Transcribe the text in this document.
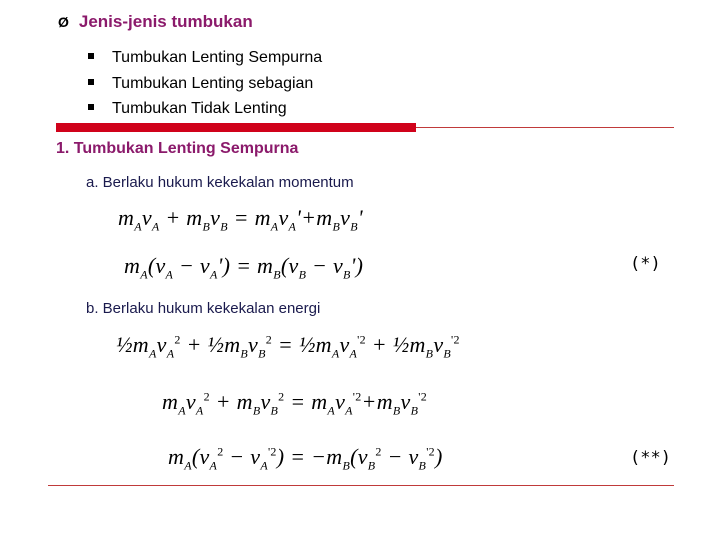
Ø Jenis-jenis tumbukan
Tumbukan Lenting Sempurna
Tumbukan Lenting sebagian
Tumbukan Tidak Lenting
1. Tumbukan Lenting Sempurna
a. Berlaku hukum kekekalan momentum
$m_Av_A + m_Bv_B = m_Av_A'+m_Bv_B'$
$m_A(v_A - v_A') = m_B(v_B - v_B')$	(*)
b. Berlaku hukum kekekalan energi
$\frac{1}{2}m_Av_A^2$ + $\frac{1}{2}m_Bv_B^2$ = $\frac{1}{2}m_Av_A^{'2}$ + $\frac{1}{2}m_Bv_B^{'2}$
$m_Av_A^2 + m_Bv_B^2 = m_Av_A^{'2}+m_Bv_B^{'2}$
$m_A(v_A^2 - v_A^{'2}) = -m_B(v_B^2 - v_B^{'2})$	(**)
